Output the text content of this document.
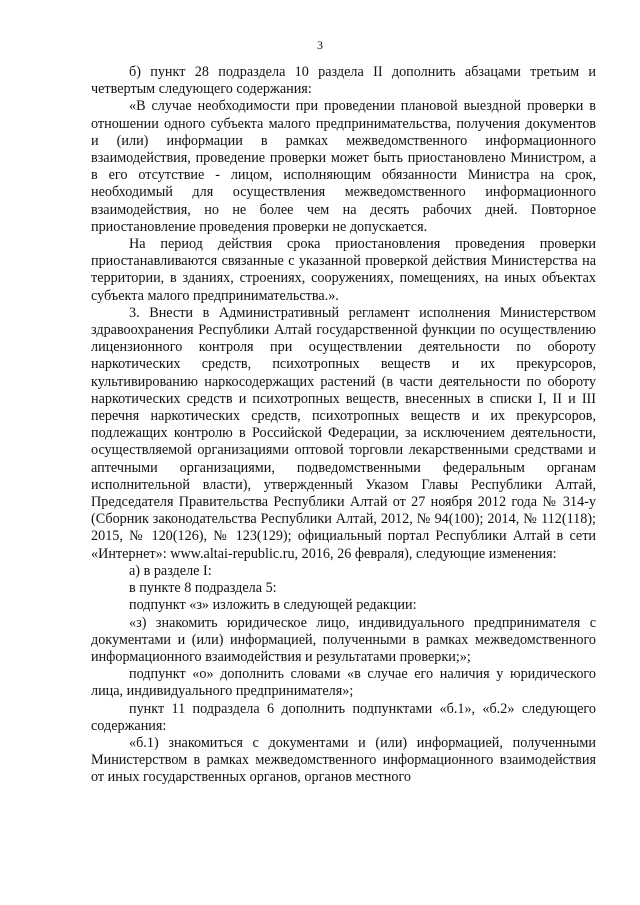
3

б) пункт 28 подраздела 10 раздела II дополнить абзацами третьим и четвертым следующего содержания:

«В случае необходимости при проведении плановой выездной проверки в отношении одного субъекта малого предпринимательства, получения документов и (или) информации в рамках межведомственного информационного взаимодействия, проведение проверки может быть приостановлено Министром, а в его отсутствие - лицом, исполняющим обязанности Министра на срок, необходимый для осуществления межведомственного информационного взаимодействия, но не более чем на десять рабочих дней. Повторное приостановление проведения проверки не допускается.

На период действия срока приостановления проведения проверки приостанавливаются связанные с указанной проверкой действия Министерства на территории, в зданиях, строениях, сооружениях, помещениях, на иных объектах субъекта малого предпринимательства.».

3. Внести в Административный регламент исполнения Министерством здравоохранения Республики Алтай государственной функции по осуществлению лицензионного контроля при осуществлении деятельности по обороту наркотических средств, психотропных веществ и их прекурсоров, культивированию наркосодержащих растений (в части деятельности по обороту наркотических средств и психотропных веществ, внесенных в списки I, II и III перечня наркотических средств, психотропных веществ и их прекурсоров, подлежащих контролю в Российской Федерации, за исключением деятельности, осуществляемой организациями оптовой торговли лекарственными средствами и аптечными организациями, подведомственными федеральным органам исполнительной власти), утвержденный Указом Главы Республики Алтай, Председателя Правительства Республики Алтай от 27 ноября 2012 года № 314-у (Сборник законодательства Республики Алтай, 2012, № 94(100); 2014, № 112(118); 2015, № 120(126), № 123(129); официальный портал Республики Алтай в сети «Интернет»: www.altai-republic.ru, 2016, 26 февраля), следующие изменения:

а) в разделе I:

в пункте 8 подраздела 5:

подпункт «з» изложить в следующей редакции:

«з) знакомить юридическое лицо, индивидуального предпринимателя с документами и (или) информацией, полученными в рамках межведомственного информационного взаимодействия и результатами проверки;»;

подпункт «о» дополнить словами «в случае его наличия у юридического лица, индивидуального предпринимателя»;

пункт 11 подраздела 6 дополнить подпунктами «б.1», «б.2» следующего содержания:

«б.1) знакомиться с документами и (или) информацией, полученными Министерством в рамках межведомственного информационного взаимодействия от иных государственных органов, органов местного
